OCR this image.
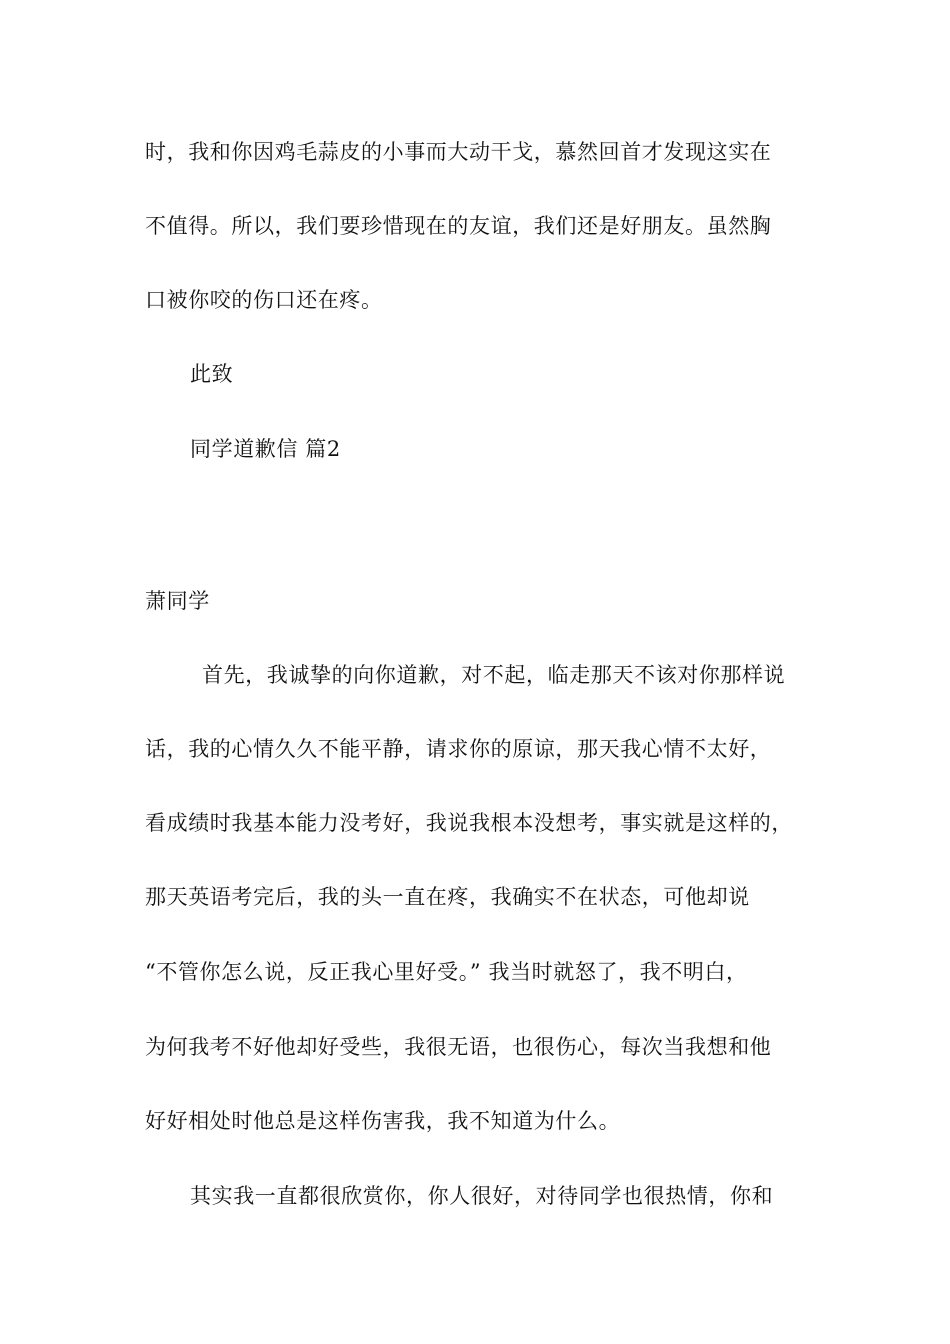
时，我和你因鸡毛蒜皮的小事而大动干戈，慕然回首才发现这实在
不值得。所以，我们要珍惜现在的友谊，我们还是好朋友。虽然胸
口被你咬的伤口还在疼。
此致
同学道歉信 篇2
萧同学
首先，我诚挚的向你道歉，对不起，临走那天不该对你那样说
话，我的心情久久不能平静，请求你的原谅，那天我心情不太好，
看成绩时我基本能力没考好，我说我根本没想考，事实就是这样的，
那天英语考完后，我的头一直在疼，我确实不在状态，可他却说
“不管你怎么说，反正我心里好受。” 我当时就怒了，我不明白，
为何我考不好他却好受些，我很无语，也很伤心，每次当我想和他
好好相处时他总是这样伤害我，我不知道为什么。
其实我一直都很欣赏你，你人很好，对待同学也很热情，你和
